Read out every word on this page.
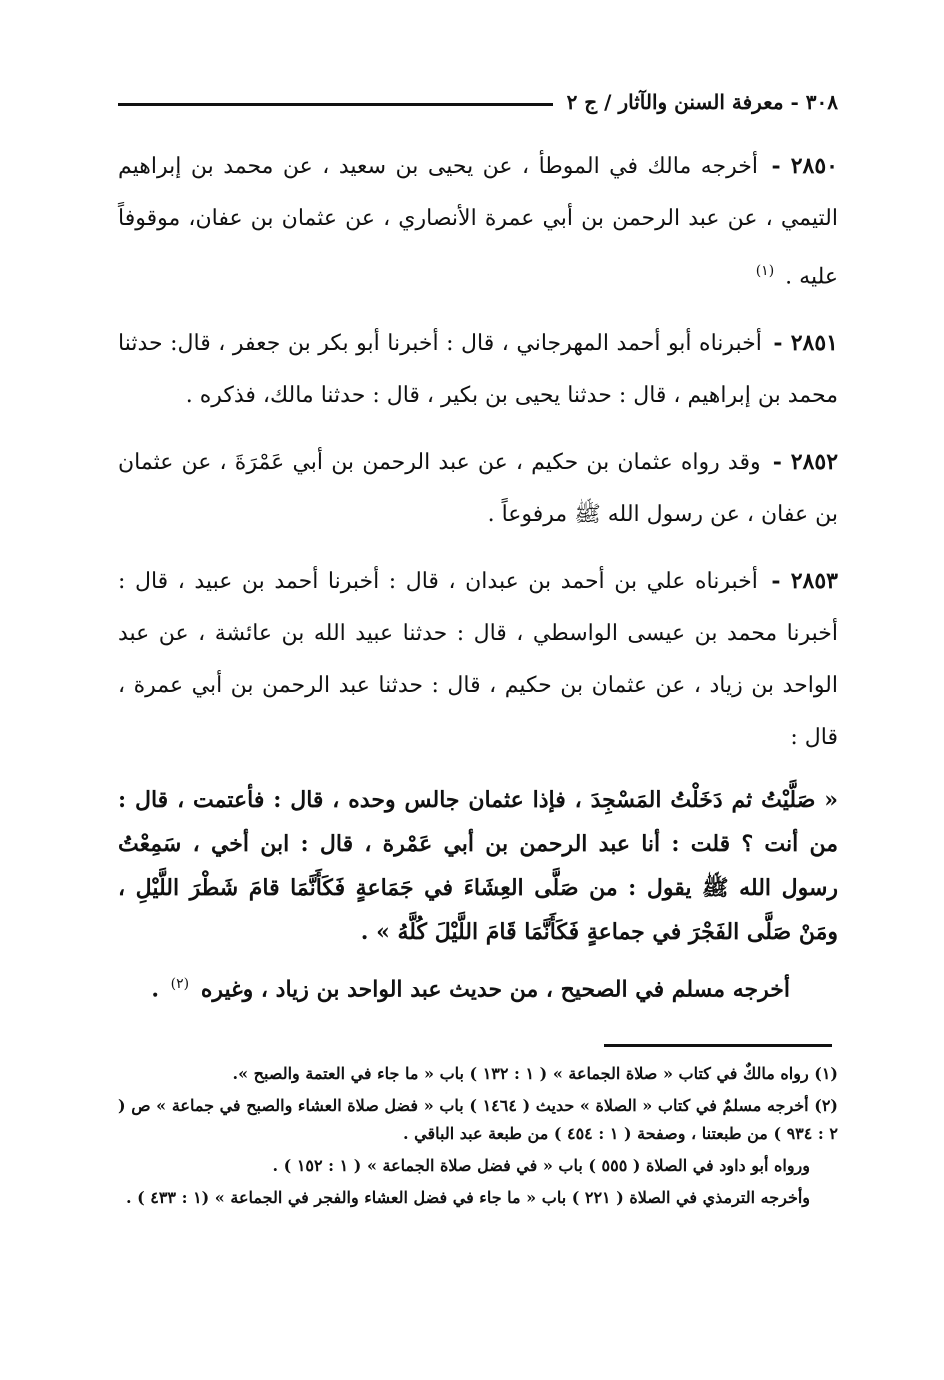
٣٠٨ - معرفة السنن والآثار / ج ٢

٢٨٥٠ - أخرجه مالك في الموطأ ، عن يحيى بن سعيد ، عن محمد بن إبراهيم التيمي ، عن عبد الرحمن بن أبي عمرة الأنصاري ، عن عثمان بن عفان، موقوفاً عليه . $^{(١)}$

٢٨٥١ - أخبرناه أبو أحمد المهرجاني ، قال : أخبرنا أبو بكر بن جعفر ، قال: حدثنا محمد بن إبراهيم ، قال : حدثنا يحيى بن بكير ، قال : حدثنا مالك، فذكره .

٢٨٥٢ - وقد رواه عثمان بن حكيم ، عن عبد الرحمن بن أبي عَمْرَةَ ، عن عثمان بن عفان ، عن رسول الله ﷺ مرفوعاً .

٢٨٥٣ - أخبرناه علي بن أحمد بن عبدان ، قال : أخبرنا أحمد بن عبيد ، قال : أخبرنا محمد بن عيسى الواسطي ، قال : حدثنا عبيد الله بن عائشة ، عن عبد الواحد بن زياد ، عن عثمان بن حكيم ، قال : حدثنا عبد الرحمن بن أبي عمرة ، قال :

« صَلَّيْتُ ثم دَخَلْتُ المَسْجِدَ ، فإذا عثمان جالس وحده ، قال : فأعتمت ، قال : من أنت ؟ قلت : أنا عبد الرحمن بن أبي عَمْرة ، قال : ابن أخي ، سَمِعْتُ رسول الله ﷺ يقول : من صَلَّى العِشَاءَ في جَمَاعةٍ فَكَأَنَّمَا قامَ شَطْرَ اللَّيْلِ ، ومَنْ صَلَّى الفَجْرَ في جماعةٍ فَكَأَنَّمَا قَامَ اللَّيْلَ كُلَّهُ » .

أخرجه مسلم في الصحيح ، من حديث عبد الواحد بن زياد ، وغيره $^{(٢)}$ .

(١) رواه مالكٌ في كتاب « صلاة الجماعة » ( ١ : ١٣٢ ) باب « ما جاء في العتمة والصبح ».

(٢) أخرجه مسلمٌ في كتاب « الصلاة » حديث ( ١٤٦٤ ) باب « فضل صلاة العشاء والصبح في جماعة » ص ( ٢ : ٩٣٤ ) من طبعتنا ، وصفحة ( ١ : ٤٥٤ ) من طبعة عبد الباقي .

ورواه أبو داود في الصلاة ( ٥٥٥ ) باب « في فضل صلاة الجماعة » ( ١ : ١٥٢ ) .

وأخرجه الترمذي في الصلاة ( ٢٢١ ) باب « ما جاء في فضل العشاء والفجر في الجماعة » (١ : ٤٣٣ ) .
